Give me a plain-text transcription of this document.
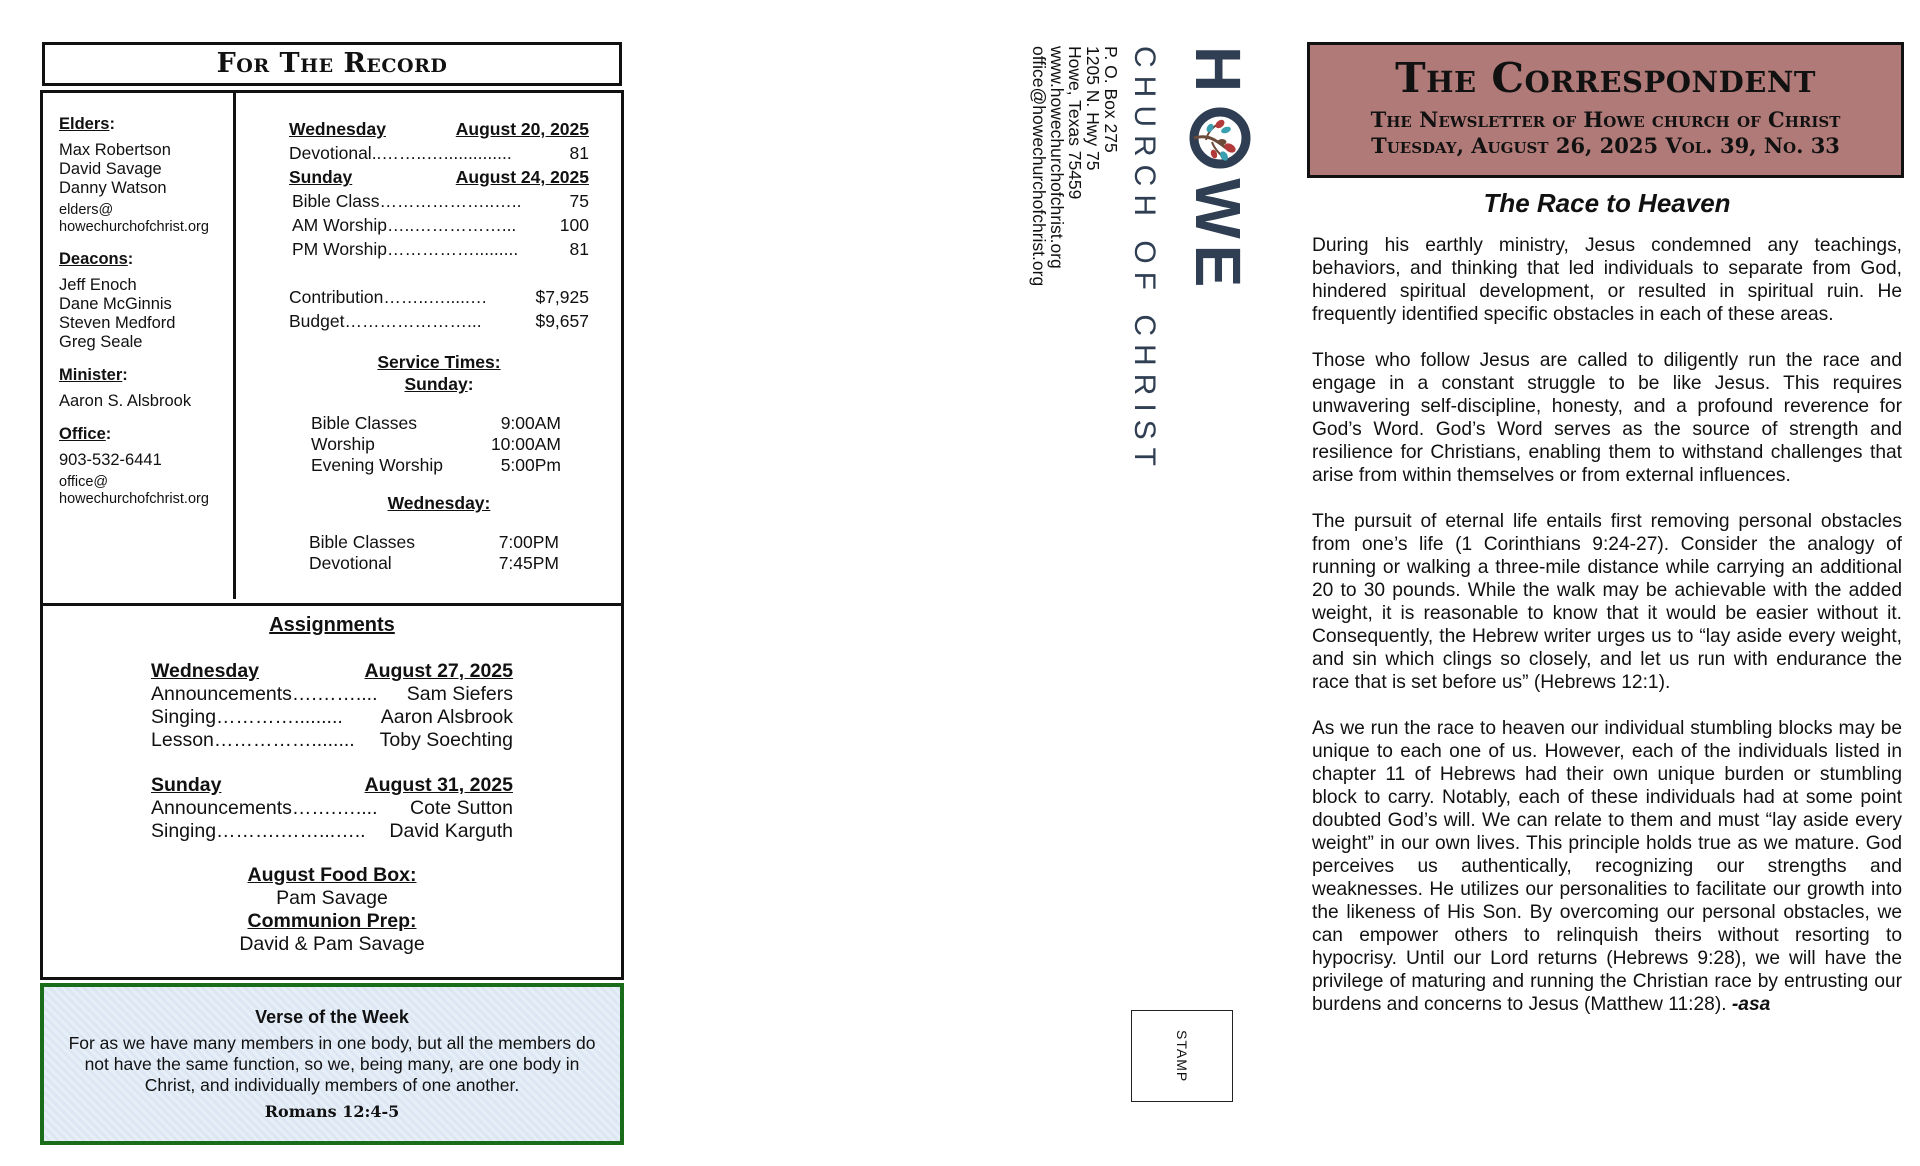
For The Record
Elders:
Max Robertson
David Savage
Danny Watson
elders@
howechurchofchrist.org
Deacons:
Jeff Enoch
Dane McGinnis
Steven Medford
Greg Seale
Minister:
Aaron S. Alsbrook
Office:
903-532-6441
office@
howechurchofchrist.org
Wednesday	August 20, 2025
Devotional..……..…..............	81
Sunday	August 24, 2025
Bible Class………………..…..	75
AM Worship…..……………... 100
PM Worship…………….........	81
Contribution……..….....…	$7,925
Budget…………………...	$9,657
Service Times:
Sunday:
Bible Classes	9:00AM
Worship	10:00AM
Evening Worship	5:00Pm
Wednesday:
Bible Classes	7:00PM
Devotional	7:45PM
Assignments
Wednesday	August 27, 2025
Announcements….…….... Sam Siefers
Singing…………......... Aaron Alsbrook
Lesson……………........ Toby Soechting
Sunday	August 31, 2025
Announcements…….….... Cote Sutton
Singing……….……...….. David Karguth
August Food Box:
Pam Savage
Communion Prep:
David & Pam Savage
Verse of the Week
For as we have many members in one body, but all the members do not have the same function, so we, being many, are one body in Christ, and individually members of one another.
Romans 12:4-5
HWE
CHURCH OF CHRIST
P. O. Box 275
1205 N. Hwy 75
Howe, Texas 75459
www.howechurchofchrist.org
office@howechurchofchrist.org
STAMP
The Correspondent
The Newsletter of Howe church of Christ
Tuesday, August 26, 2025 Vol. 39, No. 33
The Race to Heaven

During his earthly ministry, Jesus condemned any teachings, behaviors, and thinking that led individuals to separate from God, hindered spiritual development, or resulted in spiritual ruin. He frequently identified specific obstacles in each of these areas.

Those who follow Jesus are called to diligently run the race and engage in a constant struggle to be like Jesus. This requires unwavering self-discipline, honesty, and a profound reverence for God’s Word. God’s Word serves as the source of strength and resilience for Christians, enabling them to withstand challenges that arise from within themselves or from external influences.

The pursuit of eternal life entails first removing personal obstacles from one’s life (1 Corinthians 9:24-27). Consider the analogy of running or walking a three-mile distance while carrying an additional 20 to 30 pounds. While the walk may be achievable with the added weight, it is reasonable to know that it would be easier without it. Consequently, the Hebrew writer urges us to “lay aside every weight, and sin which clings so closely, and let us run with endurance the race that is set before us” (Hebrews 12:1).

As we run the race to heaven our individual stumbling blocks may be unique to each one of us. However, each of the individuals listed in chapter 11 of Hebrews had their own unique burden or stumbling block to carry. Notably, each of these individuals had at some point doubted God’s will. We can relate to them and must “lay aside every weight” in our own lives. This principle holds true as we mature. God perceives us authentically, recognizing our strengths and weaknesses. He utilizes our personalities to facilitate our growth into the likeness of His Son. By overcoming our personal obstacles, we can empower others to relinquish theirs without resorting to hypocrisy. Until our Lord returns (Hebrews 9:28), we will have the privilege of maturing and running the Christian race by entrusting our burdens and concerns to Jesus (Matthew 11:28). -asa
